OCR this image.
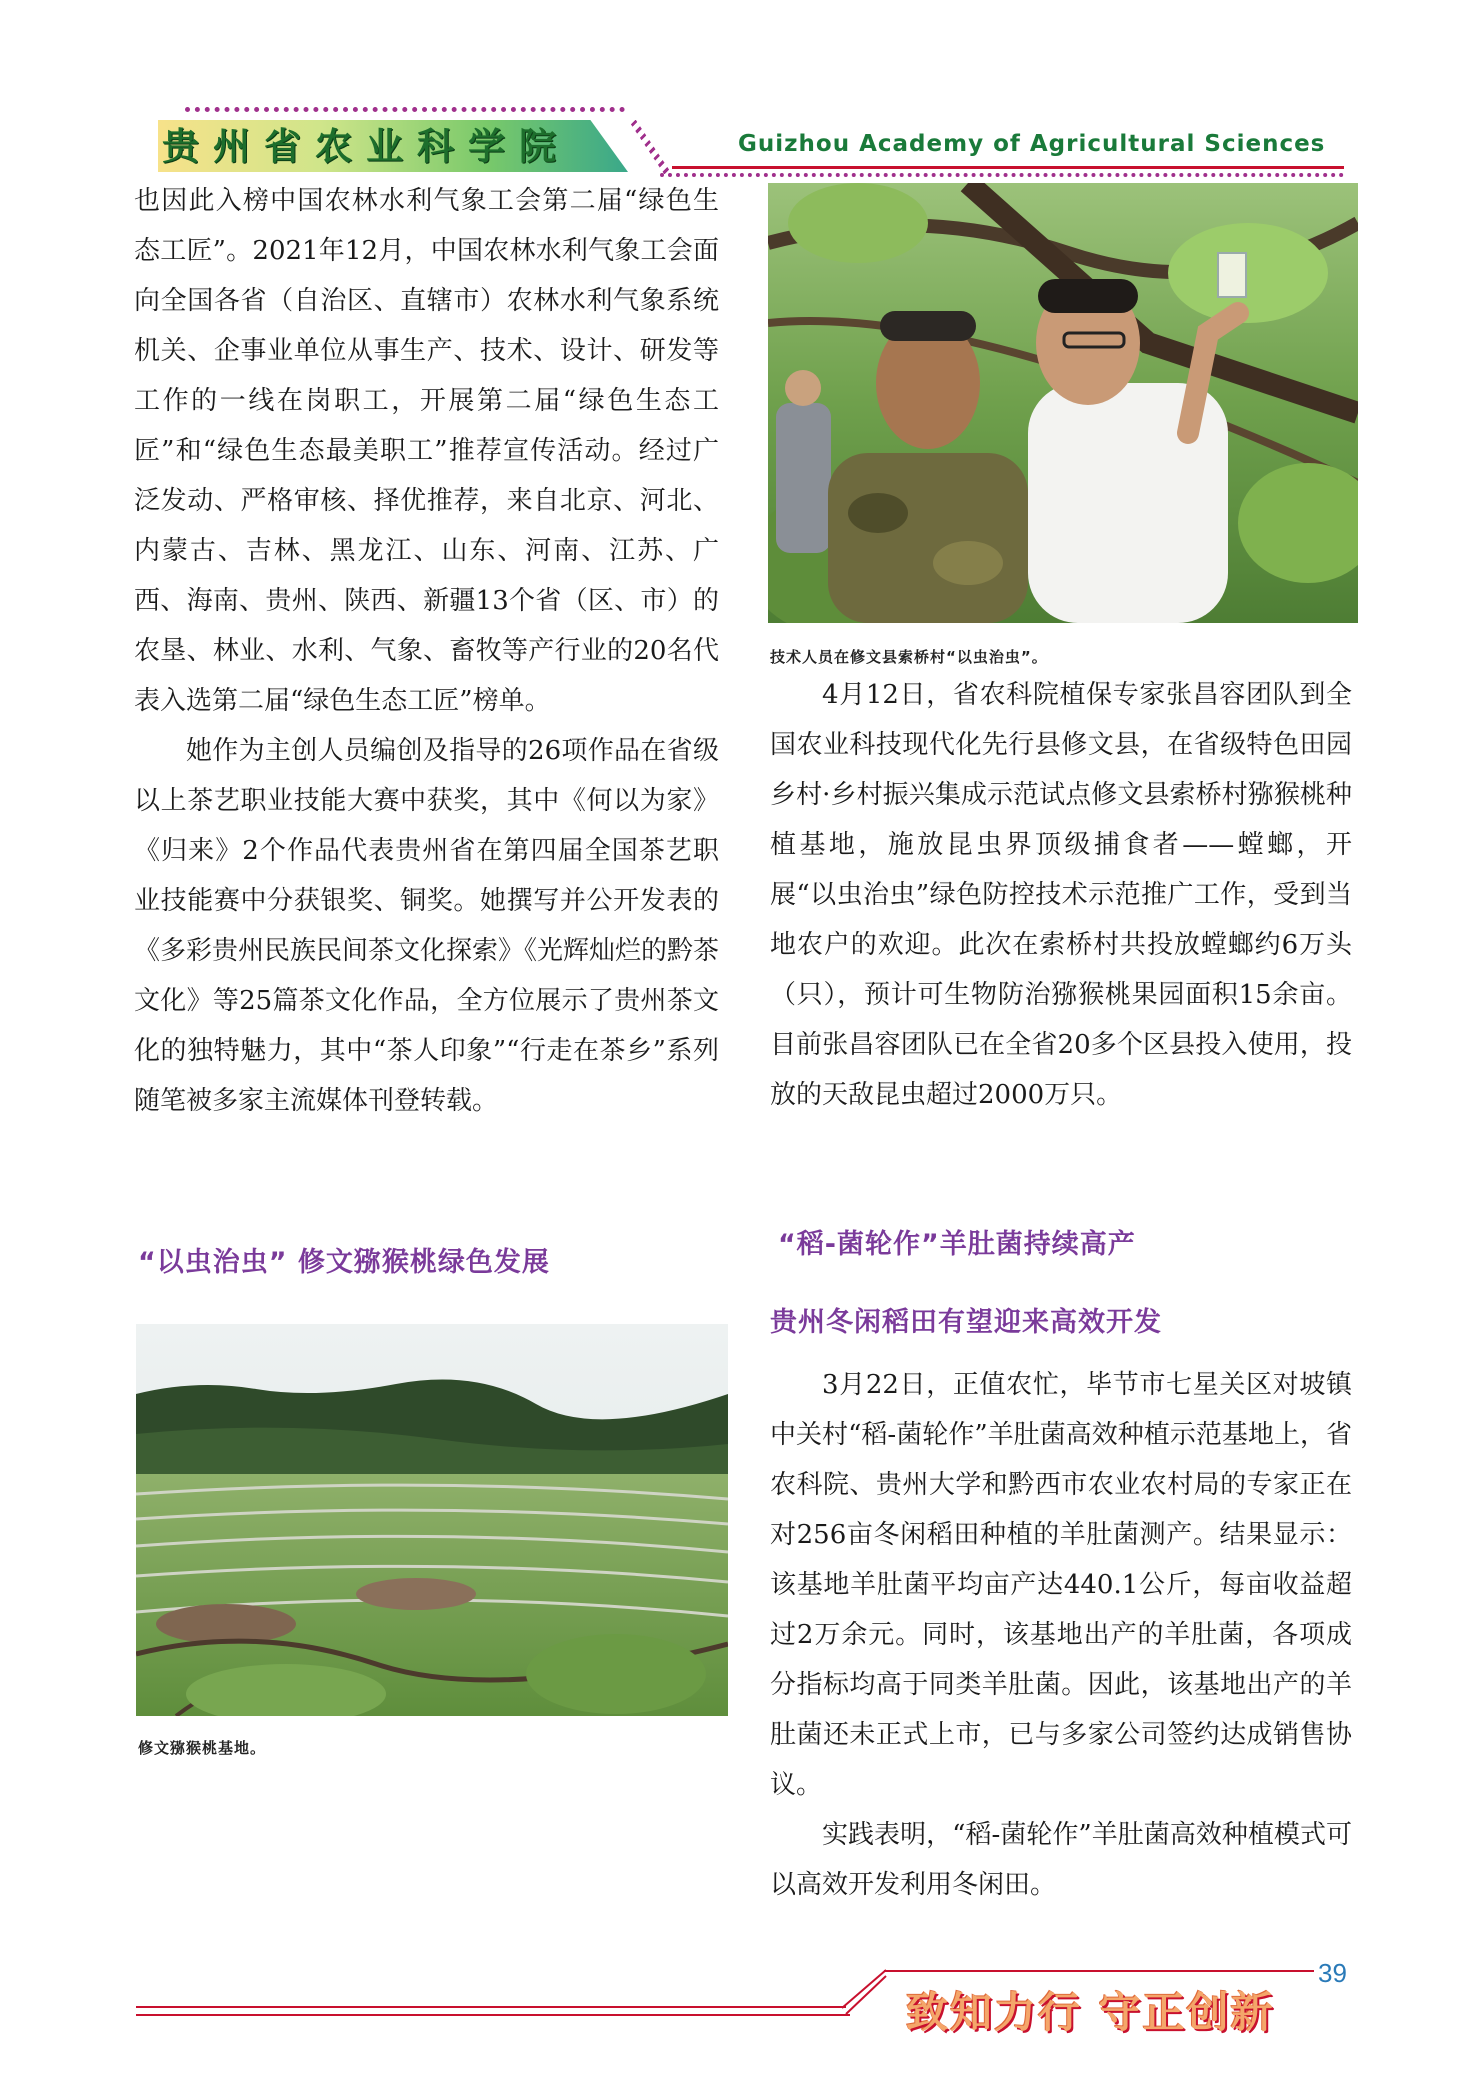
贵州省农业科学院	Guizhou Academy of Agricultural Sciences

也因此入榜中国农林水利气象工会第二届“绿色生态工匠”。2021年12月，中国农林水利气象工会面向全国各省（自治区、直辖市）农林水利气象系统机关、企事业单位从事生产、技术、设计、研发等工作的一线在岗职工，开展第二届“绿色生态工匠”和“绿色生态最美职工”推荐宣传活动。经过广泛发动、严格审核、择优推荐，来自北京、河北、内蒙古、吉林、黑龙江、山东、河南、江苏、广西、海南、贵州、陕西、新疆13个省（区、市）的农垦、林业、水利、气象、畜牧等产行业的20名代表入选第二届“绿色生态工匠”榜单。

她作为主创人员编创及指导的26项作品在省级以上茶艺职业技能大赛中获奖，其中《何以为家》《归来》2个作品代表贵州省在第四届全国茶艺职业技能赛中分获银奖、铜奖。她撰写并公开发表的《多彩贵州民族民间茶文化探索》《光辉灿烂的黔茶文化》等25篇茶文化作品，全方位展示了贵州茶文化的独特魅力，其中“茶人印象”“行走在茶乡”系列随笔被多家主流媒体刊登转载。

技术人员在修文县索桥村“以虫治虫”。

4月12日，省农科院植保专家张昌容团队到全国农业科技现代化先行县修文县，在省级特色田园乡村·乡村振兴集成示范试点修文县索桥村猕猴桃种植基地，施放昆虫界顶级捕食者——螳螂，开展“以虫治虫”绿色防控技术示范推广工作，受到当地农户的欢迎。此次在索桥村共投放螳螂约6万头（只），预计可生物防治猕猴桃果园面积15余亩。目前张昌容团队已在全省20多个区县投入使用，投放的天敌昆虫超过2000万只。

“以虫治虫” 修文猕猴桃绿色发展
“稻-菌轮作”羊肚菌持续高产
贵州冬闲稻田有望迎来高效开发
修文猕猴桃基地。

3月22日，正值农忙，毕节市七星关区对坡镇中关村“稻-菌轮作”羊肚菌高效种植示范基地上，省农科院、贵州大学和黔西市农业农村局的专家正在对256亩冬闲稻田种植的羊肚菌测产。结果显示：该基地羊肚菌平均亩产达440.1公斤，每亩收益超过2万余元。同时，该基地出产的羊肚菌，各项成分指标均高于同类羊肚菌。因此，该基地出产的羊肚菌还未正式上市，已与多家公司签约达成销售协议。

实践表明，“稻-菌轮作”羊肚菌高效种植模式可以高效开发利用冬闲田。

39
致知力行 守正创新
